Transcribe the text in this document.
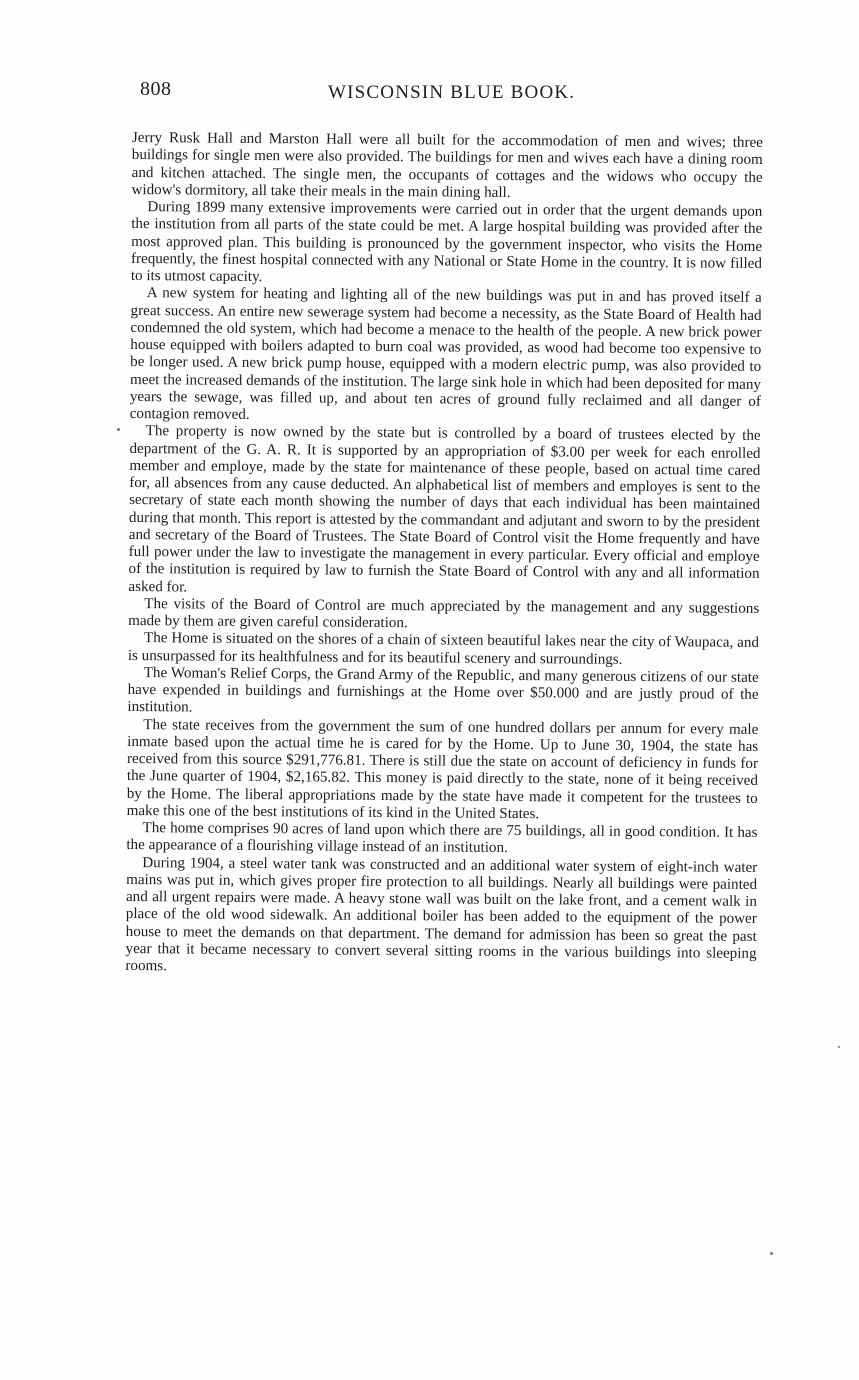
808	WISCONSIN BLUE BOOK.

Jerry Rusk Hall and Marston Hall were all built for the accommodation of men and wives; three buildings for single men were also provided. The buildings for men and wives each have a dining room and kitchen attached. The single men, the occupants of cottages and the widows who occupy the widow's dormitory, all take their meals in the main dining hall.

During 1899 many extensive improvements were carried out in order that the urgent demands upon the institution from all parts of the state could be met. A large hospital building was provided after the most approved plan. This building is pronounced by the government inspector, who visits the Home frequently, the finest hospital connected with any National or State Home in the country. It is now filled to its utmost capacity.

A new system for heating and lighting all of the new buildings was put in and has proved itself a great success. An entire new sewerage system had become a necessity, as the State Board of Health had condemned the old system, which had become a menace to the health of the people. A new brick power house equipped with boilers adapted to burn coal was provided, as wood had become too expensive to be longer used. A new brick pump house, equipped with a modern electric pump, was also provided to meet the increased demands of the institution. The large sink hole in which had been deposited for many years the sewage, was filled up, and about ten acres of ground fully reclaimed and all danger of contagion removed.

The property is now owned by the state but is controlled by a board of trustees elected by the department of the G. A. R. It is supported by an appropriation of $3.00 per week for each enrolled member and employe, made by the state for maintenance of these people, based on actual time cared for, all absences from any cause deducted. An alphabetical list of members and employes is sent to the secretary of state each month showing the number of days that each individual has been maintained during that month. This report is attested by the commandant and adjutant and sworn to by the president and secretary of the Board of Trustees. The State Board of Control visit the Home frequently and have full power under the law to investigate the management in every particular. Every official and employe of the institution is required by law to furnish the State Board of Control with any and all information asked for.

The visits of the Board of Control are much appreciated by the management and any suggestions made by them are given careful consideration.

The Home is situated on the shores of a chain of sixteen beautiful lakes near the city of Waupaca, and is unsurpassed for its healthfulness and for its beautiful scenery and surroundings.

The Woman's Relief Corps, the Grand Army of the Republic, and many generous citizens of our state have expended in buildings and furnishings at the Home over $50.000 and are justly proud of the institution.

The state receives from the government the sum of one hundred dollars per annum for every male inmate based upon the actual time he is cared for by the Home. Up to June 30, 1904, the state has received from this source $291,776.81. There is still due the state on account of deficiency in funds for the June quarter of 1904, $2,165.82. This money is paid directly to the state, none of it being received by the Home. The liberal appropriations made by the state have made it competent for the trustees to make this one of the best institutions of its kind in the United States.

The home comprises 90 acres of land upon which there are 75 buildings, all in good condition. It has the appearance of a flourishing village instead of an institution.

During 1904, a steel water tank was constructed and an additional water system of eight-inch water mains was put in, which gives proper fire protection to all buildings. Nearly all buildings were painted and all urgent repairs were made. A heavy stone wall was built on the lake front, and a cement walk in place of the old wood sidewalk. An additional boiler has been added to the equipment of the power house to meet the demands on that department. The demand for admission has been so great the past year that it became necessary to convert several sitting rooms in the various buildings into sleeping rooms.
